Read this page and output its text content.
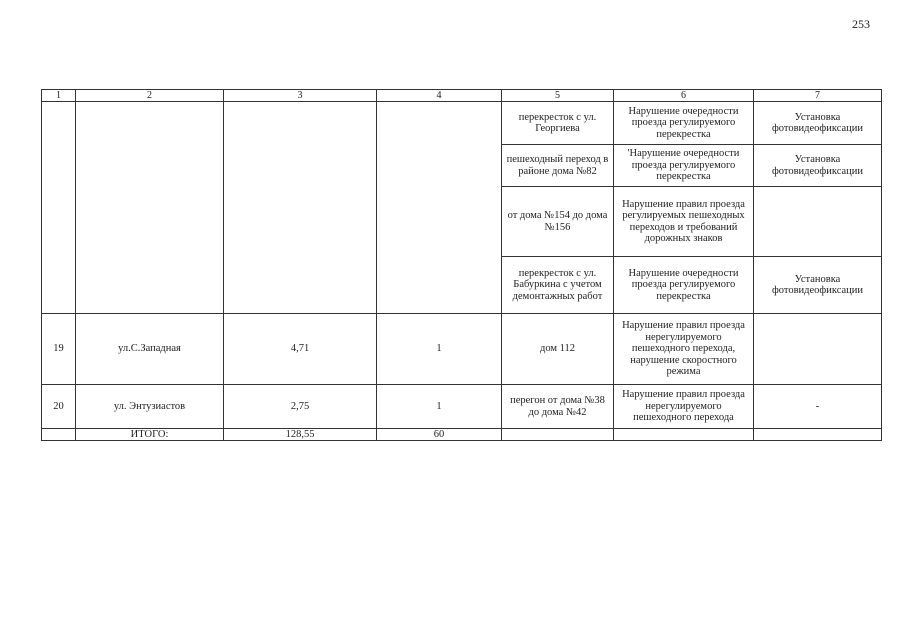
253
1	2	3	4	5	6	7
				перекресток с ул. Георгиева	Нарушение очередности проезда регулируемого перекрестка	Установка фотовидеофиксации
				пешеходный переход в районе дома №82	'Нарушение очередности проезда регулируемого перекрестка	Установка фотовидеофиксации
				от дома №154 до дома №156	Нарушение правил проезда регулируемых пешеходных переходов и требований дорожных знаков	
				перекресток с ул. Бабуркина с учетом демонтажных работ	Нарушение очередности проезда регулируемого перекрестка	Установка фотовидеофиксации
19	ул.С.Западная	4,71	1	дом 112	Нарушение правил проезда нерегулируемого пешеходного перехода, нарушение скоростного режима	
20	ул. Энтузиастов	2,75	1	перегон от дома №38 до дома №42	Нарушение правил проезда нерегулируемого пешеходного перехода	-
	ИТОГО:	128,55	60			
